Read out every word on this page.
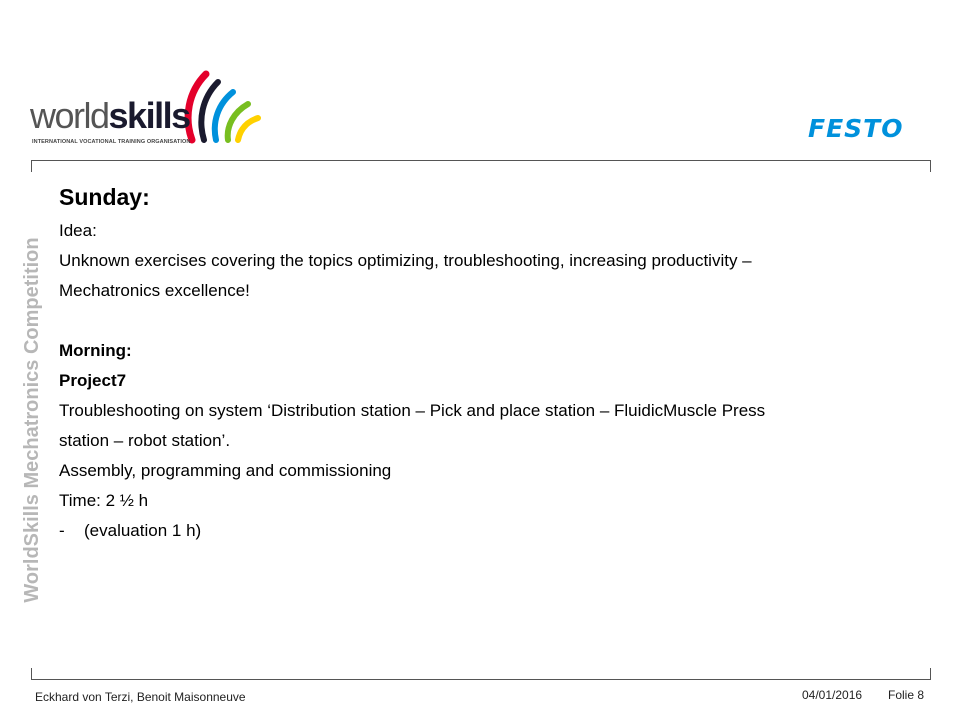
worldskills
INTERNATIONAL VOCATIONAL TRAINING ORGANISATION	FESTO
WorldSkills Mechatronics Competition
Sunday:
Idea:
Unknown exercises covering the topics optimizing, troubleshooting, increasing productivity –
Mechatronics excellence!
Morning:
Project7
Troubleshooting on system ‘Distribution station – Pick and place station – FluidicMuscle Press
station – robot station’.
Assembly, programming and commissioning
Time: 2 ½ h
- (evaluation 1 h)
Eckhard von Terzi, Benoit Maisonneuve	04/01/2016 Folie 8
